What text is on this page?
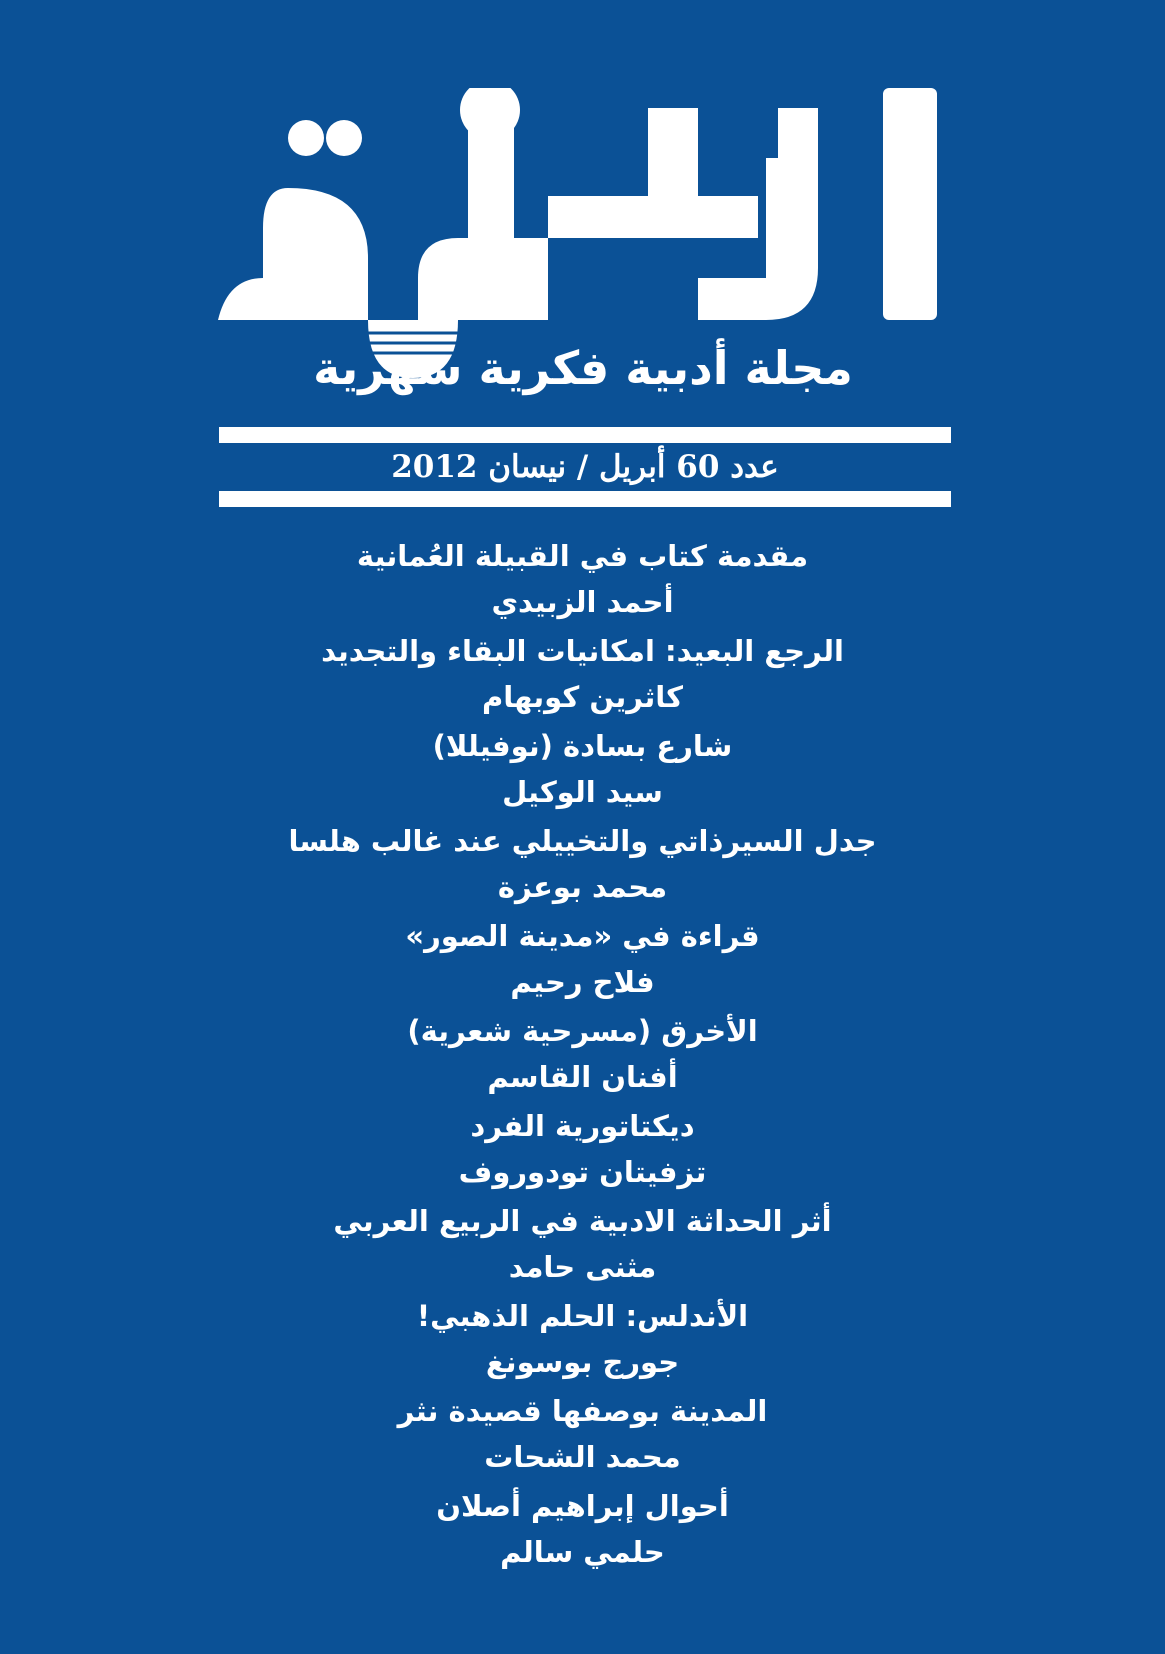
مجلة أدبية فكرية شهرية
عدد 60 أبريل / نيسان 2012
مقدمة كتاب في القبيلة العُمانية
أحمد الزبيدي
الرجع البعيد: امكانيات البقاء والتجديد
كاثرين كوبهام
شارع بسادة (نوفيللا)
سيد الوكيل
جدل السيرذاتي والتخييلي عند غالب هلسا
محمد بوعزة
قراءة في «مدينة الصور»
فلاح رحيم
الأخرق (مسرحية شعرية)
أفنان القاسم
ديكتاتورية الفرد
تزفيتان تودوروف
أثر الحداثة الادبية في الربيع العربي
مثنى حامد
الأندلس: الحلم الذهبي!
جورج بوسونغ
المدينة بوصفها قصيدة نثر
محمد الشحات
أحوال إبراهيم أصلان
حلمي سالم
